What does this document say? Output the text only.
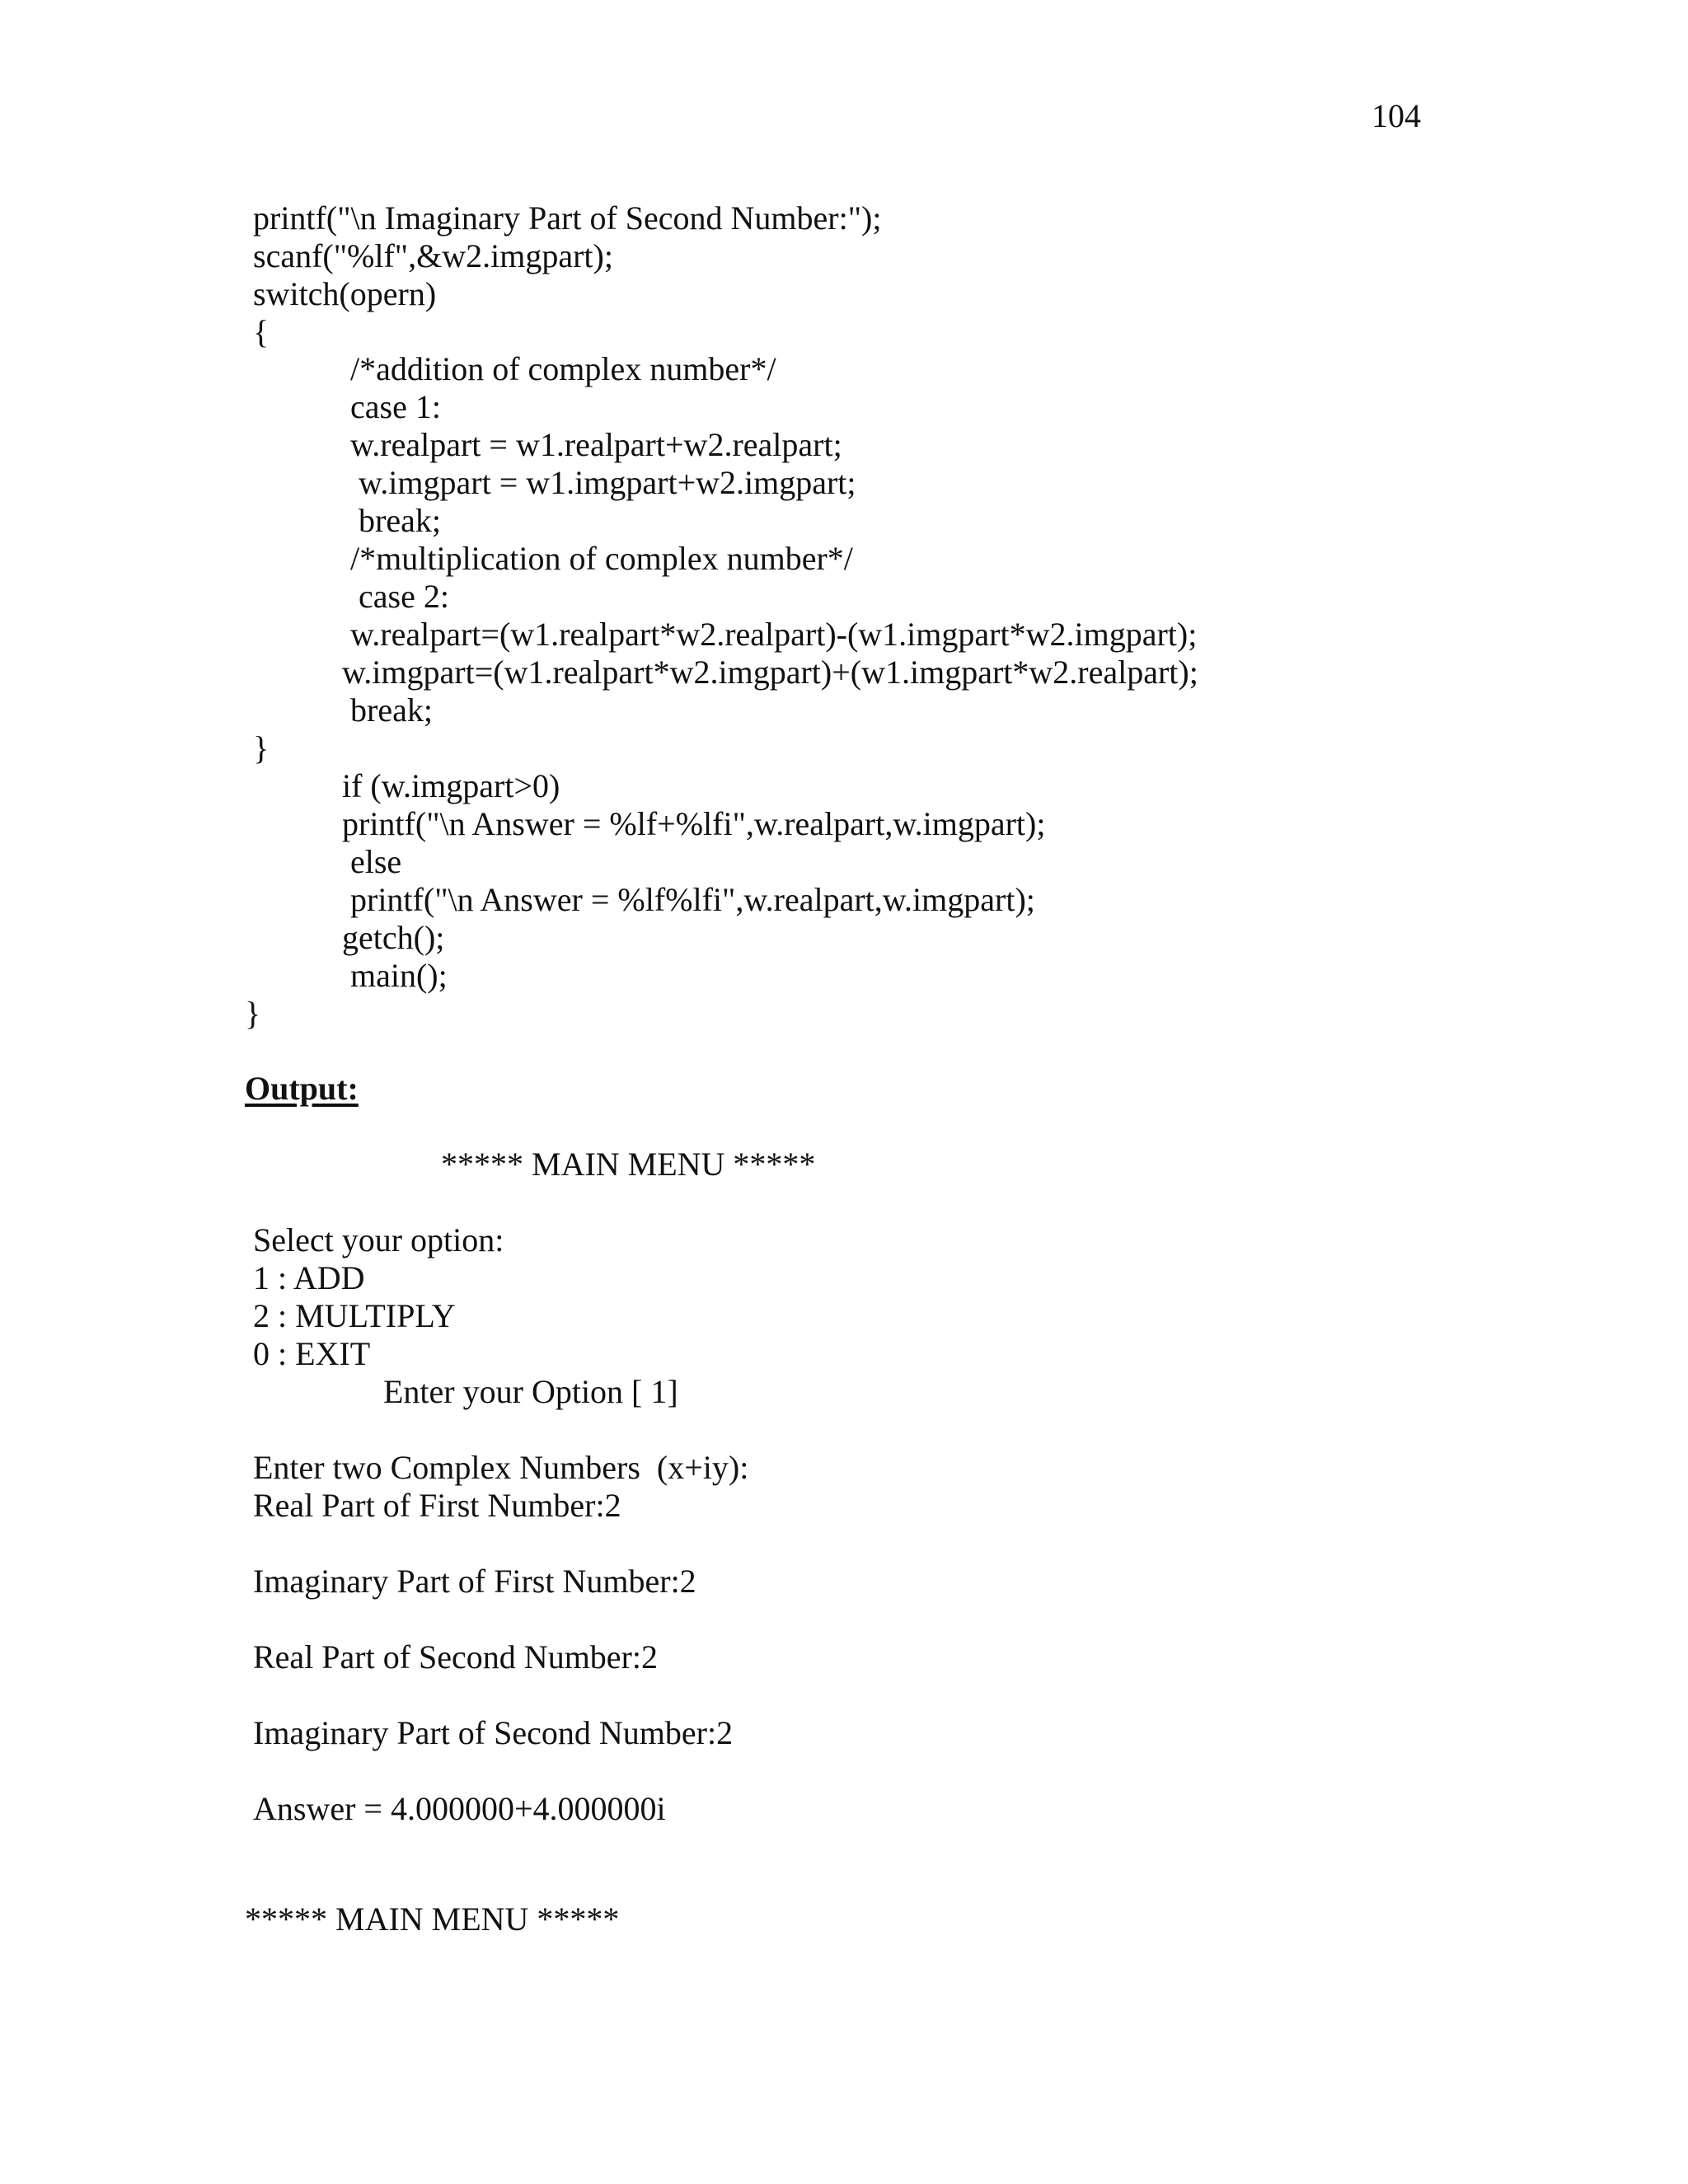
104
printf("\n Imaginary Part of Second Number:");
scanf("%lf",&w2.imgpart);
switch(opern)
{
/*addition of complex number*/
case 1:
w.realpart = w1.realpart+w2.realpart;
w.imgpart = w1.imgpart+w2.imgpart;
break;
/*multiplication of complex number*/
case 2:
w.realpart=(w1.realpart*w2.realpart)-(w1.imgpart*w2.imgpart);
w.imgpart=(w1.realpart*w2.imgpart)+(w1.imgpart*w2.realpart);
break;
}
if (w.imgpart>0)
printf("\n Answer = %lf+%lfi",w.realpart,w.imgpart);
else
printf("\n Answer = %lf%lfi",w.realpart,w.imgpart);
getch();
main();
}
Output:
***** MAIN MENU *****
Select your option:
1 : ADD
2 : MULTIPLY
0 : EXIT
Enter your Option [ 1]
Enter two Complex Numbers  (x+iy):
Real Part of First Number:2
Imaginary Part of First Number:2
Real Part of Second Number:2
Imaginary Part of Second Number:2
Answer = 4.000000+4.000000i
***** MAIN MENU *****
